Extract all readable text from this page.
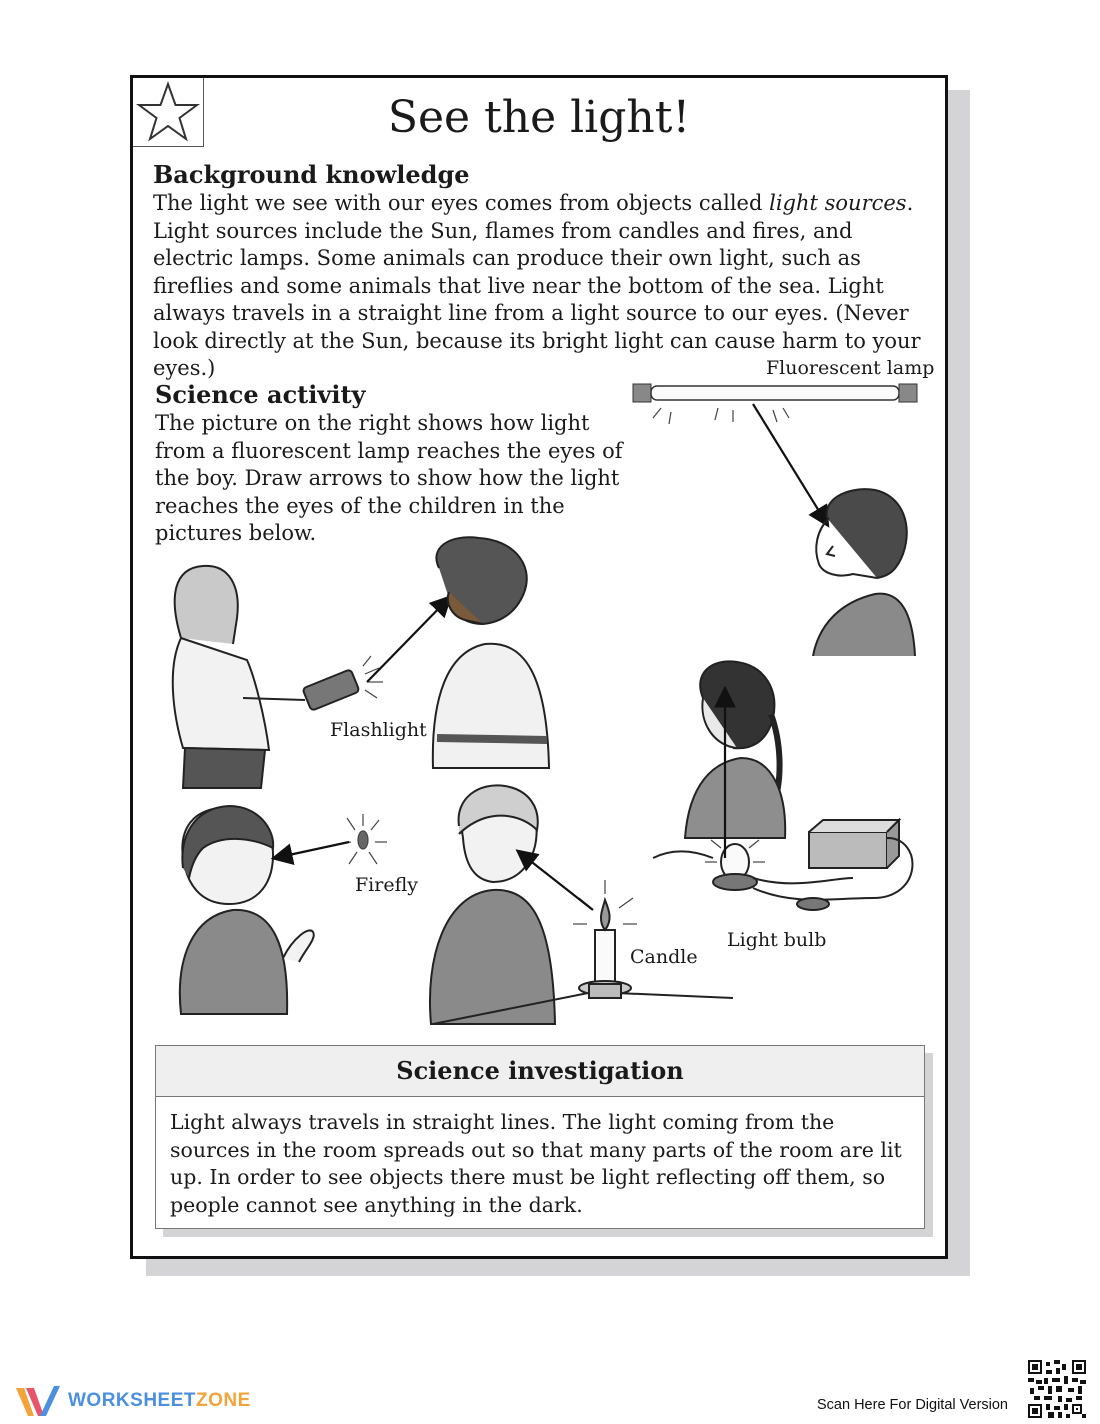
See the light!
Background knowledge

The light we see with our eyes comes from objects called light sources. Light sources include the Sun, flames from candles and fires, and electric lamps. Some animals can produce their own light, such as fireflies and some animals that live near the bottom of the sea. Light always travels in a straight line from a light source to our eyes. (Never look directly at the Sun, because its bright light can cause harm to your eyes.)

Science activity

The picture on the right shows how light from a fluorescent lamp reaches the eyes of the boy. Draw arrows to show how the light reaches the eyes of the children in the pictures below.

Fluorescent lamp
Flashlight
Firefly
Candle
Light bulb
Science investigation
Light always travels in straight lines. The light coming from the sources in the room spreads out so that many parts of the room are lit up. In order to see objects there must be light reflecting off them, so people cannot see anything in the dark.
WORKSHEETZONE	Scan Here For Digital Version
